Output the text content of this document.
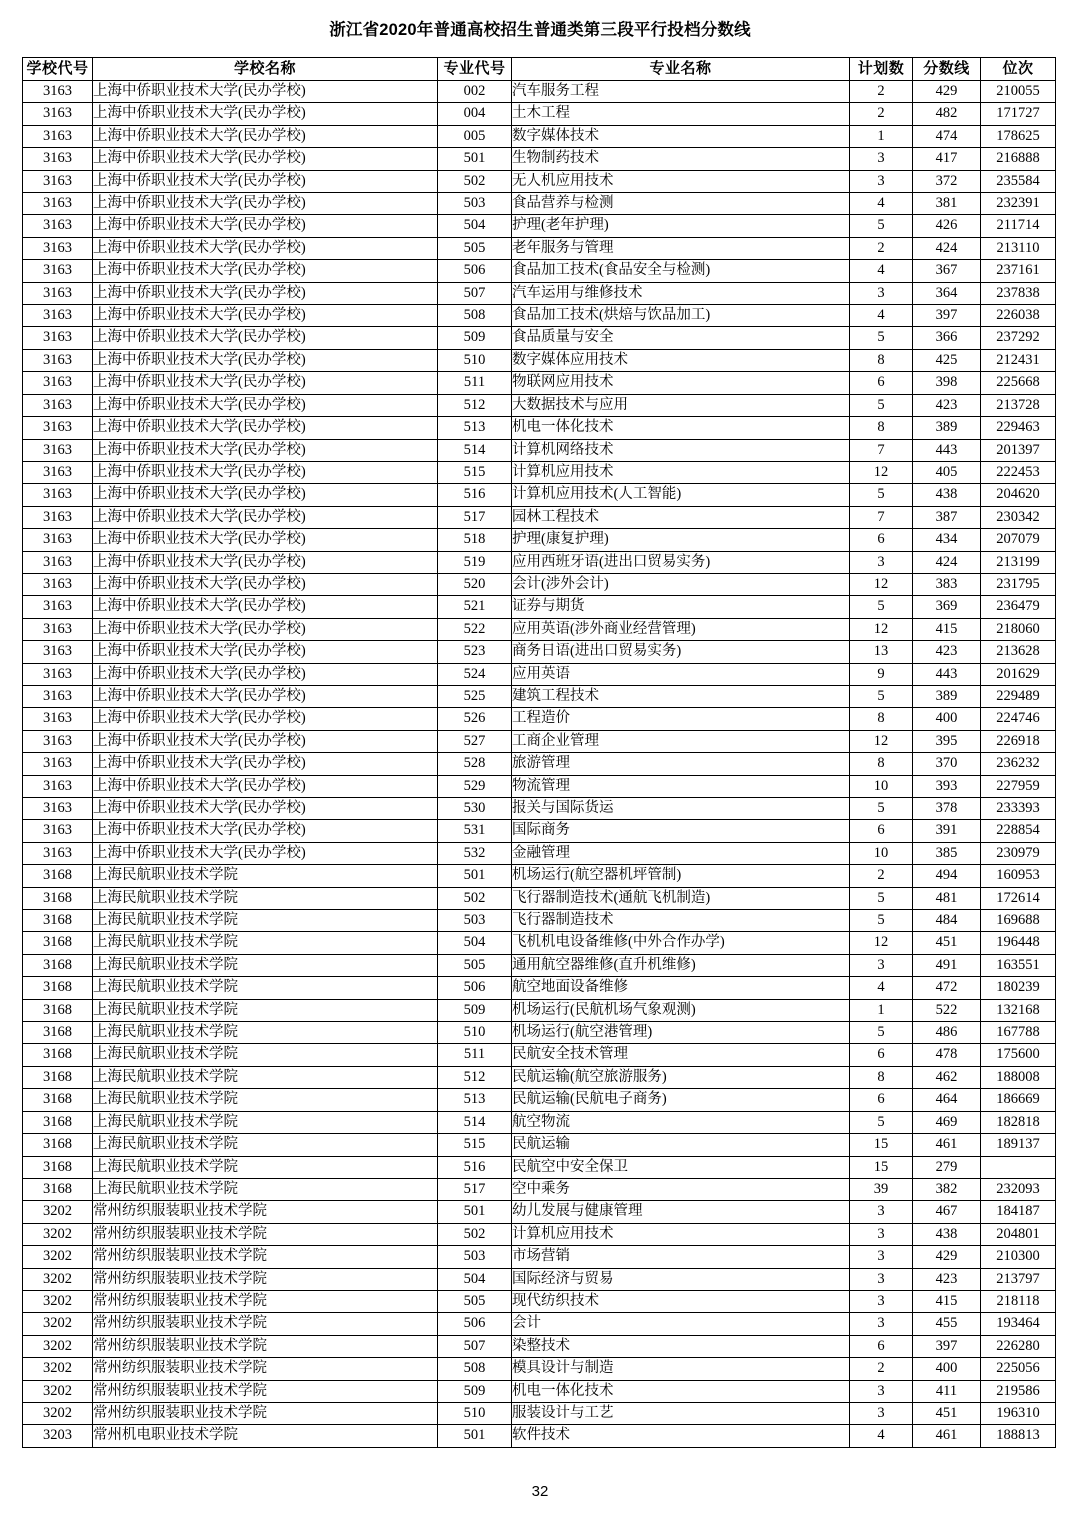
浙江省2020年普通高校招生普通类第三段平行投档分数线
学校代号	学校名称	专业代号	专业名称	计划数	分数线	位次
3163	上海中侨职业技术大学(民办学校)	002	汽车服务工程	2	429	210055
3163	上海中侨职业技术大学(民办学校)	004	土木工程	2	482	171727
3163	上海中侨职业技术大学(民办学校)	005	数字媒体技术	1	474	178625
3163	上海中侨职业技术大学(民办学校)	501	生物制药技术	3	417	216888
3163	上海中侨职业技术大学(民办学校)	502	无人机应用技术	3	372	235584
3163	上海中侨职业技术大学(民办学校)	503	食品营养与检测	4	381	232391
3163	上海中侨职业技术大学(民办学校)	504	护理(老年护理)	5	426	211714
3163	上海中侨职业技术大学(民办学校)	505	老年服务与管理	2	424	213110
3163	上海中侨职业技术大学(民办学校)	506	食品加工技术(食品安全与检测)	4	367	237161
3163	上海中侨职业技术大学(民办学校)	507	汽车运用与维修技术	3	364	237838
3163	上海中侨职业技术大学(民办学校)	508	食品加工技术(烘焙与饮品加工)	4	397	226038
3163	上海中侨职业技术大学(民办学校)	509	食品质量与安全	5	366	237292
3163	上海中侨职业技术大学(民办学校)	510	数字媒体应用技术	8	425	212431
3163	上海中侨职业技术大学(民办学校)	511	物联网应用技术	6	398	225668
3163	上海中侨职业技术大学(民办学校)	512	大数据技术与应用	5	423	213728
3163	上海中侨职业技术大学(民办学校)	513	机电一体化技术	8	389	229463
3163	上海中侨职业技术大学(民办学校)	514	计算机网络技术	7	443	201397
3163	上海中侨职业技术大学(民办学校)	515	计算机应用技术	12	405	222453
3163	上海中侨职业技术大学(民办学校)	516	计算机应用技术(人工智能)	5	438	204620
3163	上海中侨职业技术大学(民办学校)	517	园林工程技术	7	387	230342
3163	上海中侨职业技术大学(民办学校)	518	护理(康复护理)	6	434	207079
3163	上海中侨职业技术大学(民办学校)	519	应用西班牙语(进出口贸易实务)	3	424	213199
3163	上海中侨职业技术大学(民办学校)	520	会计(涉外会计)	12	383	231795
3163	上海中侨职业技术大学(民办学校)	521	证券与期货	5	369	236479
3163	上海中侨职业技术大学(民办学校)	522	应用英语(涉外商业经营管理)	12	415	218060
3163	上海中侨职业技术大学(民办学校)	523	商务日语(进出口贸易实务)	13	423	213628
3163	上海中侨职业技术大学(民办学校)	524	应用英语	9	443	201629
3163	上海中侨职业技术大学(民办学校)	525	建筑工程技术	5	389	229489
3163	上海中侨职业技术大学(民办学校)	526	工程造价	8	400	224746
3163	上海中侨职业技术大学(民办学校)	527	工商企业管理	12	395	226918
3163	上海中侨职业技术大学(民办学校)	528	旅游管理	8	370	236232
3163	上海中侨职业技术大学(民办学校)	529	物流管理	10	393	227959
3163	上海中侨职业技术大学(民办学校)	530	报关与国际货运	5	378	233393
3163	上海中侨职业技术大学(民办学校)	531	国际商务	6	391	228854
3163	上海中侨职业技术大学(民办学校)	532	金融管理	10	385	230979
3168	上海民航职业技术学院	501	机场运行(航空器机坪管制)	2	494	160953
3168	上海民航职业技术学院	502	飞行器制造技术(通航飞机制造)	5	481	172614
3168	上海民航职业技术学院	503	飞行器制造技术	5	484	169688
3168	上海民航职业技术学院	504	飞机机电设备维修(中外合作办学)	12	451	196448
3168	上海民航职业技术学院	505	通用航空器维修(直升机维修)	3	491	163551
3168	上海民航职业技术学院	506	航空地面设备维修	4	472	180239
3168	上海民航职业技术学院	509	机场运行(民航机场气象观测)	1	522	132168
3168	上海民航职业技术学院	510	机场运行(航空港管理)	5	486	167788
3168	上海民航职业技术学院	511	民航安全技术管理	6	478	175600
3168	上海民航职业技术学院	512	民航运输(航空旅游服务)	8	462	188008
3168	上海民航职业技术学院	513	民航运输(民航电子商务)	6	464	186669
3168	上海民航职业技术学院	514	航空物流	5	469	182818
3168	上海民航职业技术学院	515	民航运输	15	461	189137
3168	上海民航职业技术学院	516	民航空中安全保卫	15	279	
3168	上海民航职业技术学院	517	空中乘务	39	382	232093
3202	常州纺织服装职业技术学院	501	幼儿发展与健康管理	3	467	184187
3202	常州纺织服装职业技术学院	502	计算机应用技术	3	438	204801
3202	常州纺织服装职业技术学院	503	市场营销	3	429	210300
3202	常州纺织服装职业技术学院	504	国际经济与贸易	3	423	213797
3202	常州纺织服装职业技术学院	505	现代纺织技术	3	415	218118
3202	常州纺织服装职业技术学院	506	会计	3	455	193464
3202	常州纺织服装职业技术学院	507	染整技术	6	397	226280
3202	常州纺织服装职业技术学院	508	模具设计与制造	2	400	225056
3202	常州纺织服装职业技术学院	509	机电一体化技术	3	411	219586
3202	常州纺织服装职业技术学院	510	服装设计与工艺	3	451	196310
3203	常州机电职业技术学院	501	软件技术	4	461	188813
32
